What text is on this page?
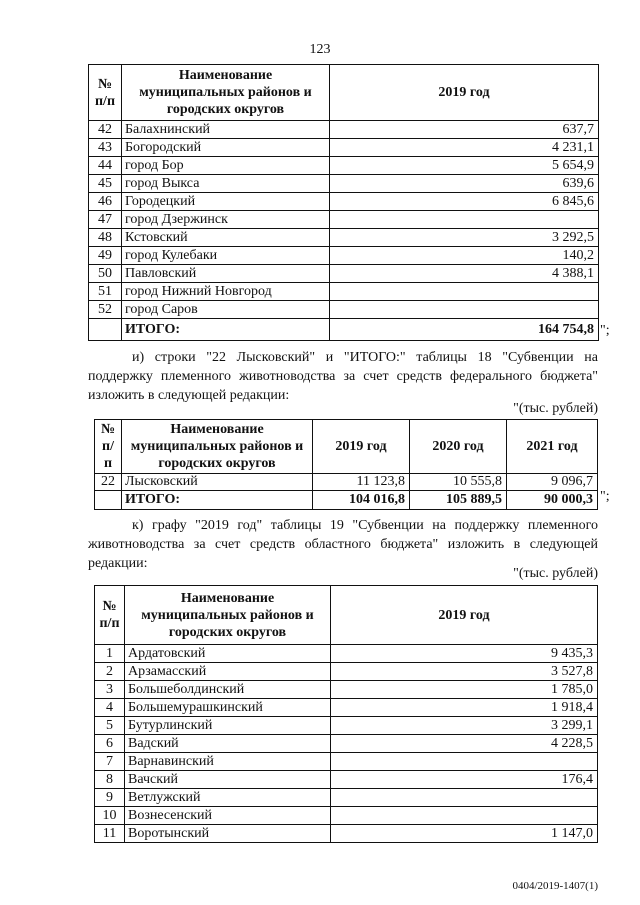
123
№ п/п	Наименование муниципальных районов и городских округов	2019 год
42	Балахнинский	637,7
43	Богородский	4 231,1
44	город Бор	5 654,9
45	город Выкса	639,6
46	Городецкий	6 845,6
47	город Дзержинск	
48	Кстовский	3 292,5
49	город Кулебаки	140,2
50	Павловский	4 388,1
51	город Нижний Новгород	
52	город Саров	
	ИТОГО:	164 754,8 ";
и) строки "22 Лысковский" и "ИТОГО:" таблицы 18 "Субвенции на поддержку племенного животноводства за счет средств федерального бюджета" изложить в следующей редакции:
"(тыс. рублей)
№ п/п	Наименование муниципальных районов и городских округов	2019 год	2020 год	2021 год
22	Лысковский	11 123,8	10 555,8	9 096,7
	ИТОГО:	104 016,8	105 889,5	90 000,3 ";
к) графу "2019 год" таблицы 19 "Субвенции на поддержку племенного животноводства за счет средств областного бюджета" изложить в следующей редакции:
"(тыс. рублей)
№ п/п	Наименование муниципальных районов и городских округов	2019 год
1	Ардатовский	9 435,3
2	Арзамасский	3 527,8
3	Большеболдинский	1 785,0
4	Большемурашкинский	1 918,4
5	Бутурлинский	3 299,1
6	Вадский	4 228,5
7	Варнавинский	
8	Вачский	176,4
9	Ветлужский	
10	Вознесенский	
11	Воротынский	1 147,0
0404/2019-1407(1)
